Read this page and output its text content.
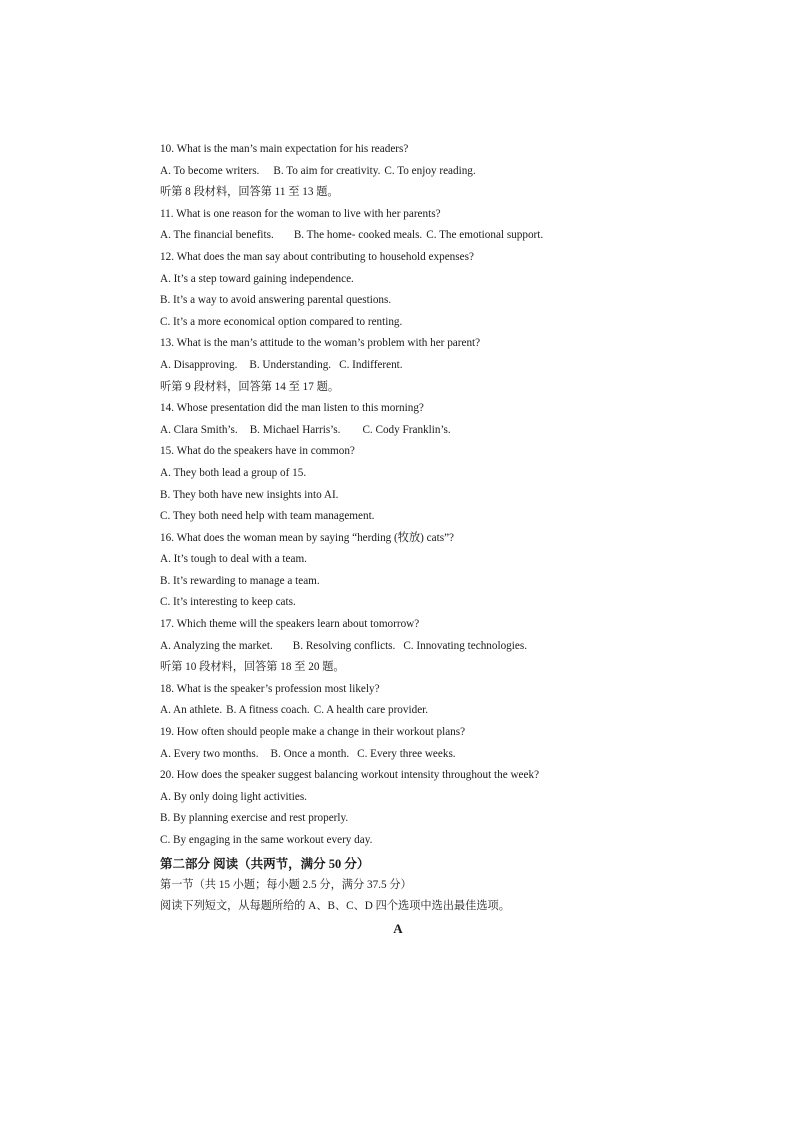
10. What is the man’s main expectation for his readers?
A. To become writers. B. To aim for creativity. C. To enjoy reading.
听第 8 段材料，回答第 11 至 13 题。
11. What is one reason for the woman to live with her parents?
A. The financial benefits. B. The home- cooked meals. C. The emotional support.
12. What does the man say about contributing to household expenses?
A. It’s a step toward gaining independence.
B. It’s a way to avoid answering parental questions.
C. It’s a more economical option compared to renting.
13. What is the man’s attitude to the woman’s problem with her parent?
A. Disapproving. B. Understanding. C. Indifferent.
听第 9 段材料，回答第 14 至 17 题。
14. Whose presentation did the man listen to this morning?
A. Clara Smith’s. B. Michael Harris’s. C. Cody Franklin’s.
15. What do the speakers have in common?
A. They both lead a group of 15.
B. They both have new insights into AI.
C. They both need help with team management.
16. What does the woman mean by saying “herding (牧放) cats”?
A. It’s tough to deal with a team.
B. It’s rewarding to manage a team.
C. It’s interesting to keep cats.
17. Which theme will the speakers learn about tomorrow?
A. Analyzing the market. B. Resolving conflicts. C. Innovating technologies.
听第 10 段材料，回答第 18 至 20 题。
18. What is the speaker’s profession most likely?
A. An athlete. B. A fitness coach. C. A health care provider.
19. How often should people make a change in their workout plans?
A. Every two months. B. Once a month. C. Every three weeks.
20. How does the speaker suggest balancing workout intensity throughout the week?
A. By only doing light activities.
B. By planning exercise and rest properly.
C. By engaging in the same workout every day.
第二部分 阅读（共两节，满分 50 分）
第一节（共 15 小题；每小题 2.5 分，满分 37.5 分）
阅读下列短文，从每题所给的 A、B、C、D 四个选项中选出最佳选项。
A
